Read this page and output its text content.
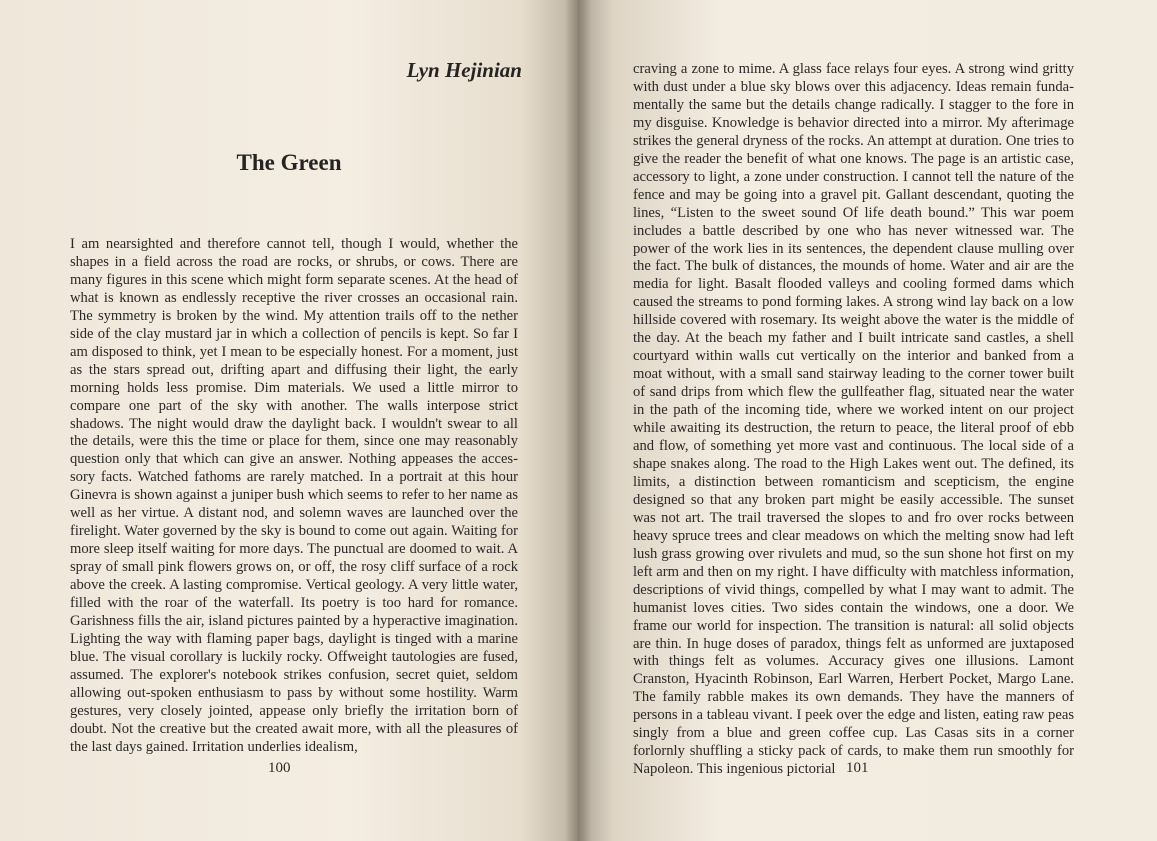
Lyn Hejinian
The Green
I am nearsighted and therefore cannot tell, though I would, whether the shapes in a field across the road are rocks, or shrubs, or cows. There are many figures in this scene which might form separate scenes. At the head of what is known as endlessly receptive the river crosses an occasional rain. The symmetry is broken by the wind. My attention trails off to the nether side of the clay mustard jar in which a collection of pencils is kept. So far I am disposed to think, yet I mean to be especially honest. For a moment, just as the stars spread out, drifting apart and diffusing their light, the early morning holds less promise. Dim materials. We used a little mirror to compare one part of the sky with another. The walls interpose strict shadows. The night would draw the daylight back. I wouldn't swear to all the details, were this the time or place for them, since one may reasonably question only that which can give an answer. Nothing appeases the accessory facts. Watched fathoms are rarely matched. In a portrait at this hour Ginevra is shown against a juniper bush which seems to refer to her name as well as her virtue. A distant nod, and solemn waves are launched over the firelight. Water governed by the sky is bound to come out again. Waiting for more sleep itself waiting for more days. The punctual are doomed to wait. A spray of small pink flowers grows on, or off, the rosy cliff surface of a rock above the creek. A lasting compromise. Vertical geology. A very little water, filled with the roar of the waterfall. Its poetry is too hard for romance. Garishness fills the air, island pictures painted by a hyperactive imagination. Lighting the way with flaming paper bags, daylight is tinged with a marine blue. The visual corollary is luckily rocky. Offweight tautologies are fused, assumed. The explorer's notebook strikes confusion, secret quiet, seldom allowing out-spoken enthusiasm to pass by without some hostility. Warm gestures, very closely jointed, appease only briefly the irritation born of doubt. Not the creative but the created await more, with all the pleasures of the last days gained. Irritation underlies idealism,
100
craving a zone to mime. A glass face relays four eyes. A strong wind gritty with dust under a blue sky blows over this adjacency. Ideas remain fundamentally the same but the details change radically. I stagger to the fore in my disguise. Knowledge is behavior directed into a mirror. My afterimage strikes the general dryness of the rocks. An attempt at duration. One tries to give the reader the benefit of what one knows. The page is an artistic case, accessory to light, a zone under construction. I cannot tell the nature of the fence and may be going into a gravel pit. Gallant descendant, quoting the lines, “Listen to the sweet sound Of life death bound.” This war poem includes a battle described by one who has never witnessed war. The power of the work lies in its sentences, the dependent clause mulling over the fact. The bulk of distances, the mounds of home. Water and air are the media for light. Basalt flooded valleys and cooling formed dams which caused the streams to pond forming lakes. A strong wind lay back on a low hillside covered with rosemary. Its weight above the water is the middle of the day. At the beach my father and I built intricate sand castles, a shell courtyard within walls cut vertically on the interior and banked from a moat without, with a small sand stairway leading to the corner tower built of sand drips from which flew the gullfeather flag, situated near the water in the path of the incoming tide, where we worked intent on our project while awaiting its destruction, the return to peace, the literal proof of ebb and flow, of something yet more vast and continuous. The local side of a shape snakes along. The road to the High Lakes went out. The defined, its limits, a distinction between romanticism and scepticism, the engine designed so that any broken part might be easily accessible. The sunset was not art. The trail traversed the slopes to and fro over rocks between heavy spruce trees and clear meadows on which the melting snow had left lush grass growing over rivulets and mud, so the sun shone hot first on my left arm and then on my right. I have difficulty with matchless information, descriptions of vivid things, compelled by what I may want to admit. The humanist loves cities. Two sides contain the windows, one a door. We frame our world for inspection. The transition is natural: all solid objects are thin. In huge doses of paradox, things felt as unformed are juxtaposed with things felt as volumes. Accuracy gives one illusions. Lamont Cranston, Hyacinth Robinson, Earl Warren, Herbert Pocket, Margo Lane. The family rabble makes its own demands. They have the manners of persons in a tableau vivant. I peek over the edge and listen, eating raw peas singly from a blue and green coffee cup. Las Casas sits in a corner forlornly shuffling a sticky pack of cards, to make them run smoothly for Napoleon. This ingenious pictorial 101
